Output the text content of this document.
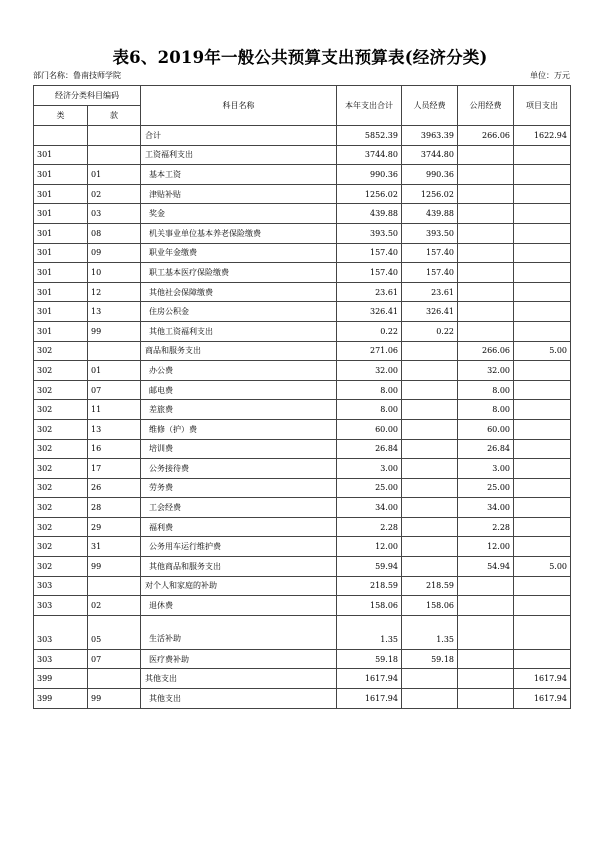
表6、2019年一般公共预算支出预算表(经济分类)
部门名称：鲁南技师学院	单位：万元
经济分类科目编码		科目名称	本年支出合计	人员经费	公用经费	项目支出
类	款					
		合计	5852.39	3963.39	266.06	1622.94
301		工资福利支出	3744.80	3744.80		
301	01	基本工资	990.36	990.36		
301	02	津贴补贴	1256.02	1256.02		
301	03	奖金	439.88	439.88		
301	08	机关事业单位基本养老保险缴费	393.50	393.50		
301	09	职业年金缴费	157.40	157.40		
301	10	职工基本医疗保险缴费	157.40	157.40		
301	12	其他社会保障缴费	23.61	23.61		
301	13	住房公积金	326.41	326.41		
301	99	其他工资福利支出	0.22	0.22		
302		商品和服务支出	271.06		266.06	5.00
302	01	办公费	32.00		32.00	
302	07	邮电费	8.00		8.00	
302	11	差旅费	8.00		8.00	
302	13	维修（护）费	60.00		60.00	
302	16	培训费	26.84		26.84	
302	17	公务接待费	3.00		3.00	
302	26	劳务费	25.00		25.00	
302	28	工会经费	34.00		34.00	
302	29	福利费	2.28		2.28	
302	31	公务用车运行维护费	12.00		12.00	
302	99	其他商品和服务支出	59.94		54.94	5.00
303		对个人和家庭的补助	218.59	218.59		
303	02	退休费	158.06	158.06		
303	05	生活补助	1.35	1.35		
303	07	医疗费补助	59.18	59.18		
399		其他支出	1617.94			1617.94
399	99	其他支出	1617.94			1617.94
